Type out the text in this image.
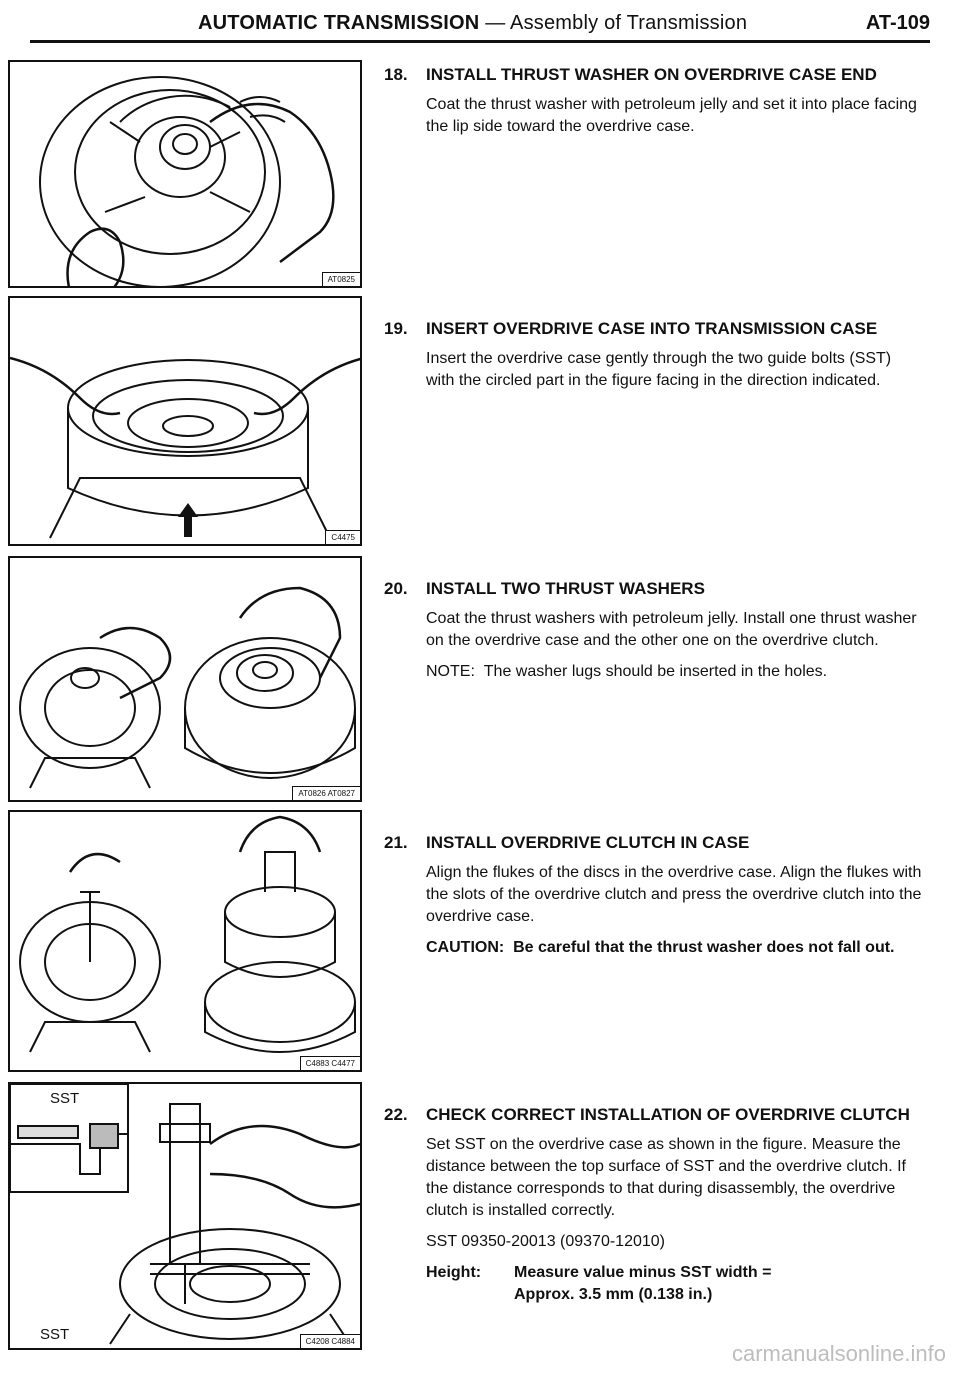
AUTOMATIC TRANSMISSION — Assembly of Transmission	AT-109
AT0825
C4475
AT0826 AT0827
C4883 C4477
SST
SST	C4208 C4884
18. INSTALL THRUST WASHER ON OVERDRIVE CASE END

Coat the thrust washer with petroleum jelly and set it into place facing the lip side toward the overdrive case.

19. INSERT OVERDRIVE CASE INTO TRANSMISSION CASE

Insert the overdrive case gently through the two guide bolts (SST) with the circled part in the figure facing in the direction indicated.

20. INSTALL TWO THRUST WASHERS

Coat the thrust washers with petroleum jelly. Install one thrust washer on the overdrive case and the other one on the overdrive clutch.

NOTE: The washer lugs should be inserted in the holes.

21. INSTALL OVERDRIVE CLUTCH IN CASE

Align the flukes of the discs in the overdrive case. Align the flukes with the slots of the overdrive clutch and press the overdrive clutch into the overdrive case.

CAUTION: Be careful that the thrust washer does not fall out.

22. CHECK CORRECT INSTALLATION OF OVERDRIVE CLUTCH

Set SST on the overdrive case as shown in the figure. Measure the distance between the top surface of SST and the overdrive clutch. If the distance corresponds to that during disassembly, the overdrive clutch is installed correctly.

SST 09350-20013 (09370-12010)

Height:	Measure value minus SST width =
Approx. 3.5 mm (0.138 in.)
carmanualsonline.info
